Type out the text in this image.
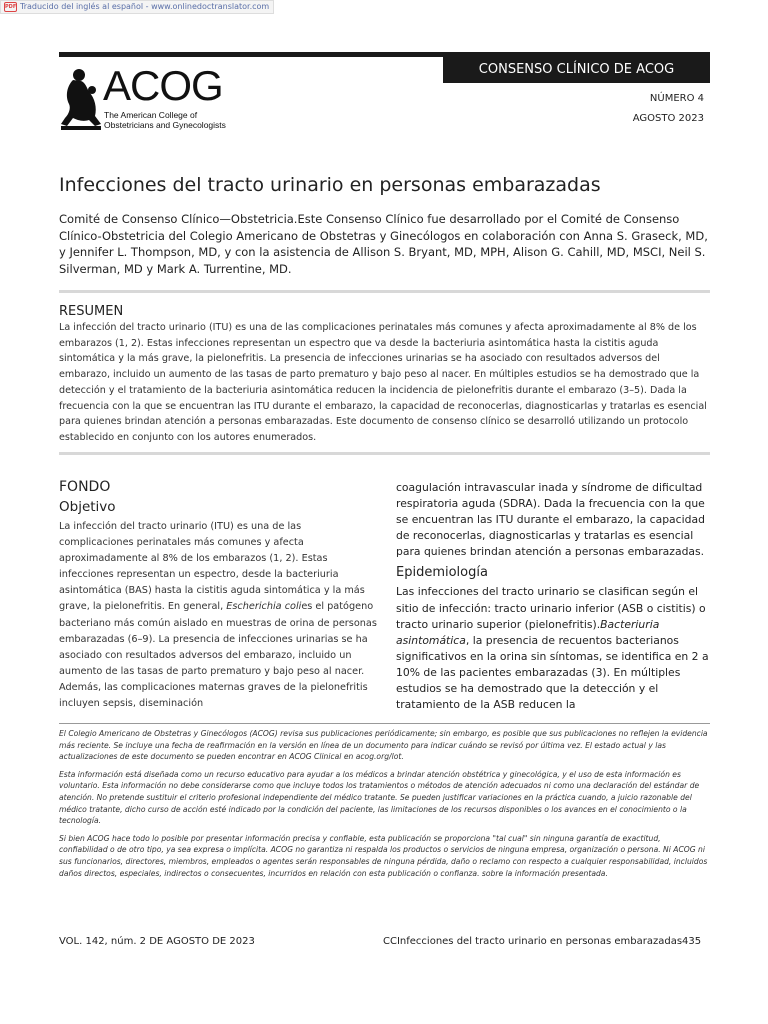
PDF Traducido del inglés al español - www.onlinedoctranslator.com
CONSENSO CLÍNICO DE ACOG
NÚMERO 4
AGOSTO 2023
ACOG
The American College of
Obstetricians and Gynecologists
Infecciones del tracto urinario en personas embarazadas

Comité de Consenso Clínico—Obstetricia.Este Consenso Clínico fue desarrollado por el Comité de Consenso Clínico-Obstetricia del Colegio Americano de Obstetras y Ginecólogos en colaboración con Anna S. Graseck, MD, y Jennifer L. Thompson, MD, y con la asistencia de Allison S. Bryant, MD, MPH, Alison G. Cahill, MD, MSCI, Neil S. Silverman, MD y Mark A. Turrentine, MD.

RESUMEN

La infección del tracto urinario (ITU) es una de las complicaciones perinatales más comunes y afecta aproximadamente al 8% de los embarazos (1, 2). Estas infecciones representan un espectro que va desde la bacteriuria asintomática hasta la cistitis aguda sintomática y la más grave, la pielonefritis. La presencia de infecciones urinarias se ha asociado con resultados adversos del embarazo, incluido un aumento de las tasas de parto prematuro y bajo peso al nacer. En múltiples estudios se ha demostrado que la detección y el tratamiento de la bacteriuria asintomática reducen la incidencia de pielonefritis durante el embarazo (3–5). Dada la frecuencia con la que se encuentran las ITU durante el embarazo, la capacidad de reconocerlas, diagnosticarlas y tratarlas es esencial para quienes brindan atención a personas embarazadas. Este documento de consenso clínico se desarrolló utilizando un protocolo establecido en conjunto con los autores enumerados.

FONDO
Objetivo

La infección del tracto urinario (ITU) es una de las complicaciones perinatales más comunes y afecta aproximadamente al 8% de los embarazos (1, 2). Estas infecciones representan un espectro, desde la bacteriuria asintomática (BAS) hasta la cistitis aguda sintomática y la más grave, la pielonefritis. En general, Escherichia colies el patógeno bacteriano más común aislado en muestras de orina de personas embarazadas (6–9). La presencia de infecciones urinarias se ha asociado con resultados adversos del embarazo, incluido un aumento de las tasas de parto prematuro y bajo peso al nacer. Además, las complicaciones maternas graves de la pielonefritis incluyen sepsis, diseminación

coagulación intravascular inada y síndrome de dificultad respiratoria aguda (SDRA). Dada la frecuencia con la que se encuentran las ITU durante el embarazo, la capacidad de reconocerlas, diagnosticarlas y tratarlas es esencial para quienes brindan atención a personas embarazadas.

Epidemiología

Las infecciones del tracto urinario se clasifican según el sitio de infección: tracto urinario inferior (ASB o cistitis) o tracto urinario superior (pielonefritis).Bacteriuria asintomática, la presencia de recuentos bacterianos significativos en la orina sin síntomas, se identifica en 2 a 10% de las pacientes embarazadas (3). En múltiples estudios se ha demostrado que la detección y el tratamiento de la ASB reducen la

El Colegio Americano de Obstetras y Ginecólogos (ACOG) revisa sus publicaciones periódicamente; sin embargo, es posible que sus publicaciones no reflejen la evidencia más reciente. Se incluye una fecha de reafirmación en la versión en línea de un documento para indicar cuándo se revisó por última vez. El estado actual y las actualizaciones de este documento se pueden encontrar en ACOG Clinical en acog.org/lot.

Esta información está diseñada como un recurso educativo para ayudar a los médicos a brindar atención obstétrica y ginecológica, y el uso de esta información es voluntario. Esta información no debe considerarse como que incluye todos los tratamientos o métodos de atención adecuados ni como una declaración del estándar de atención. No pretende sustituir el criterio profesional independiente del médico tratante. Se pueden justificar variaciones en la práctica cuando, a juicio razonable del médico tratante, dicho curso de acción esté indicado por la condición del paciente, las limitaciones de los recursos disponibles o los avances en el conocimiento o la tecnología.

Si bien ACOG hace todo lo posible por presentar información precisa y confiable, esta publicación se proporciona "tal cual" sin ninguna garantía de exactitud, confiabilidad o de otro tipo, ya sea expresa o implícita. ACOG no garantiza ni respalda los productos o servicios de ninguna empresa, organización o persona. Ni ACOG ni sus funcionarios, directores, miembros, empleados o agentes serán responsables de ninguna pérdida, daño o reclamo con respecto a cualquier responsabilidad, incluidos daños directos, especiales, indirectos o consecuentes, incurridos en relación con esta publicación o confianza. sobre la información presentada.

VOL. 142, núm. 2 DE AGOSTO DE 2023	CCInfecciones del tracto urinario en personas embarazadas435
